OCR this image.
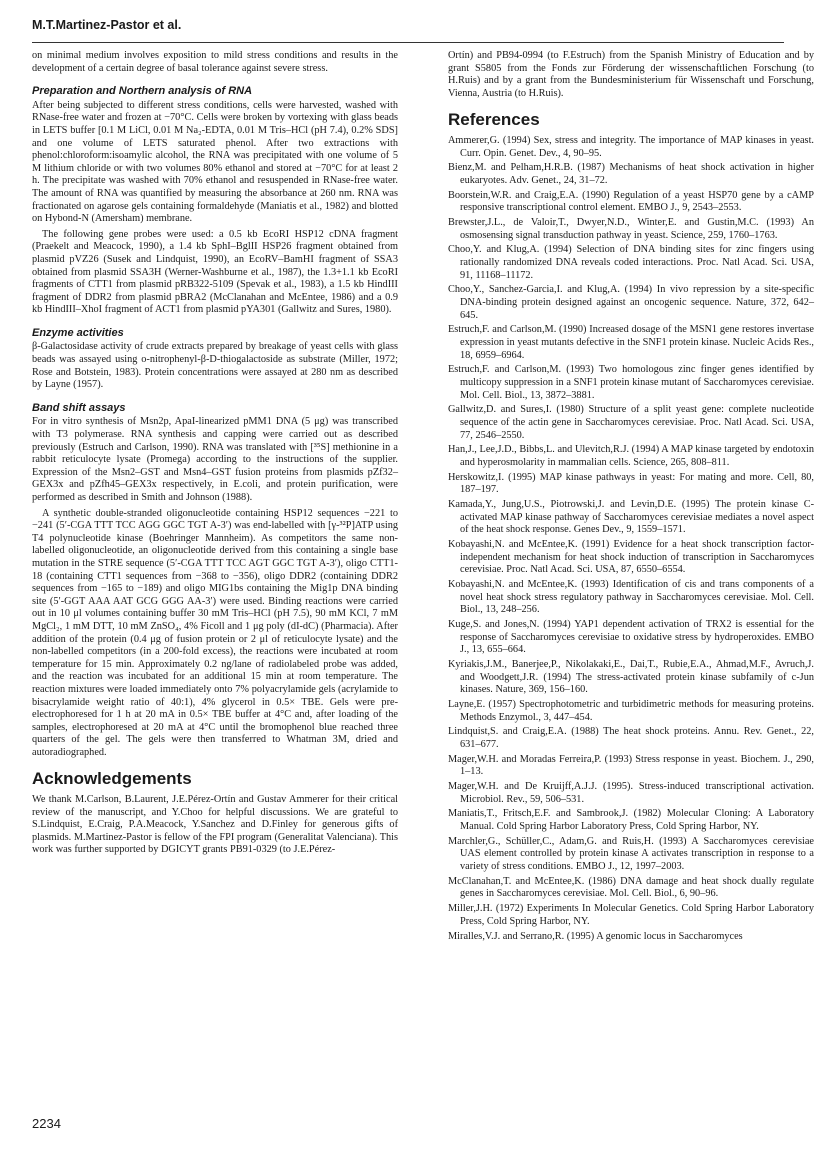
M.T.Martinez-Pastor et al.

on minimal medium involves exposition to mild stress conditions and results in the development of a certain degree of basal tolerance against severe stress.

Preparation and Northern analysis of RNA

After being subjected to different stress conditions, cells were harvested, washed with RNase-free water and frozen at −70°C. Cells were broken by vortexing with glass beads in LETS buffer [0.1 M LiCl, 0.01 M Na₂-EDTA, 0.01 M Tris–HCl (pH 7.4), 0.2% SDS] and one volume of LETS saturated phenol. After two extractions with phenol:chloroform:isoamylic alcohol, the RNA was precipitated with one volume of 5 M lithium chloride or with two volumes 80% ethanol and stored at −70°C for at least 2 h. The precipitate was washed with 70% ethanol and resuspended in RNase-free water. The amount of RNA was quantified by measuring the absorbance at 260 nm. RNA was fractionated on agarose gels containing formaldehyde (Maniatis et al., 1982) and blotted on Hybond-N (Amersham) membrane.

The following gene probes were used: a 0.5 kb EcoRI HSP12 cDNA fragment (Praekelt and Meacock, 1990), a 1.4 kb SphI–BglII HSP26 fragment obtained from plasmid pVZ26 (Susek and Lindquist, 1990), an EcoRV–BamHI fragment of SSA3 obtained from plasmid SSA3H (Werner-Washburne et al., 1987), the 1.3+1.1 kb EcoRI fragments of CTT1 from plasmid pRB322-5109 (Spevak et al., 1983), a 1.5 kb HindIII fragment of DDR2 from plasmid pBRA2 (McClanahan and McEntee, 1986) and a 0.9 kb HindIII–XhoI fragment of ACT1 from plasmid pYA301 (Gallwitz and Sures, 1980).

Enzyme activities

β-Galactosidase activity of crude extracts prepared by breakage of yeast cells with glass beads was assayed using o-nitrophenyl-β-D-thiogalactoside as substrate (Miller, 1972; Rose and Botstein, 1983). Protein concentrations were assayed at 280 nm as described by Layne (1957).

Band shift assays

For in vitro synthesis of Msn2p, ApaI-linearized pMM1 DNA (5 μg) was transcribed with T3 polymerase. RNA synthesis and capping were carried out as described previously (Estruch and Carlson, 1990). RNA was translated with [³⁵S] methionine in a rabbit reticulocyte lysate (Promega) according to the instructions of the supplier. Expression of the Msn2–GST and Msn4–GST fusion proteins from plasmids pZf32–GEX3x and pZfh45–GEX3x respectively, in E.coli, and protein purification, were performed as described in Smith and Johnson (1988).

A synthetic double-stranded oligonucleotide containing HSP12 sequences −221 to −241 (5′-CGA TTT TCC AGG GGC TGT A-3′) was end-labelled with [γ-³²P]ATP using T4 polynucleotide kinase (Boehringer Mannheim). As competitors the same non-labelled oligonucleotide, an oligonucleotide derived from this containing a single base mutation in the STRE sequence (5′-CGA TTT TCC AGT GGC TGT A-3′), oligo CTT1-18 (containing CTT1 sequences from −368 to −356), oligo DDR2 (containing DDR2 sequences from −165 to −189) and oligo MIG1bs containing the Mig1p DNA binding site (5′-GGT AAA AAT GCG GGG AA-3′) were used. Binding reactions were carried out in 10 μl volumes containing buffer 30 mM Tris–HCl (pH 7.5), 90 mM KCl, 7 mM MgCl₂, 1 mM DTT, 10 mM ZnSO₄, 4% Ficoll and 1 μg poly (dI-dC) (Pharmacia). After addition of the protein (0.4 μg of fusion protein or 2 μl of reticulocyte lysate) and the non-labelled competitors (in a 200-fold excess), the reactions were incubated at room temperature for 15 min. Approximately 0.2 ng/lane of radiolabeled probe was added, and the reaction was incubated for an additional 15 min at room temperature. The reaction mixtures were loaded immediately onto 7% polyacrylamide gels (acrylamide to bisacrylamide weight ratio of 40:1), 4% glycerol in 0.5× TBE. Gels were pre-electrophoresed for 1 h at 20 mA in 0.5× TBE buffer at 4°C and, after loading of the samples, electrophoresed at 20 mA at 4°C until the bromophenol blue reached three quarters of the gel. The gels were then transferred to Whatman 3M, dried and autoradiographed.

Acknowledgements

We thank M.Carlson, B.Laurent, J.E.Pérez-Ortín and Gustav Ammerer for their critical review of the manuscript, and Y.Choo for helpful discussions. We are grateful to S.Lindquist, E.Craig, P.A.Meacock, Y.Sanchez and D.Finley for generous gifts of plasmids. M.Martinez-Pastor is fellow of the FPI program (Generalitat Valenciana). This work was further supported by DGICYT grants PB91-0329 (to J.E.Pérez-

Ortín) and PB94-0994 (to F.Estruch) from the Spanish Ministry of Education and by grant S5805 from the Fonds zur Förderung der wissenschaftlichen Forschung (to H.Ruis) and by a grant from the Bundesministerium für Wissenschaft und Forschung, Vienna, Austria (to H.Ruis).

References
Ammerer,G. (1994) Sex, stress and integrity. The importance of MAP kinases in yeast. Curr. Opin. Genet. Dev., 4, 90–95.
Bienz,M. and Pelham,H.R.B. (1987) Mechanisms of heat shock activation in higher eukaryotes. Adv. Genet., 24, 31–72.
Boorstein,W.R. and Craig,E.A. (1990) Regulation of a yeast HSP70 gene by a cAMP responsive transcriptional control element. EMBO J., 9, 2543–2553.
Brewster,J.L., de Valoir,T., Dwyer,N.D., Winter,E. and Gustin,M.C. (1993) An osmosensing signal transduction pathway in yeast. Science, 259, 1760–1763.
Choo,Y. and Klug,A. (1994) Selection of DNA binding sites for zinc fingers using rationally randomized DNA reveals coded interactions. Proc. Natl Acad. Sci. USA, 91, 11168–11172.
Choo,Y., Sanchez-Garcia,I. and Klug,A. (1994) In vivo repression by a site-specific DNA-binding protein designed against an oncogenic sequence. Nature, 372, 642–645.
Estruch,F. and Carlson,M. (1990) Increased dosage of the MSN1 gene restores invertase expression in yeast mutants defective in the SNF1 protein kinase. Nucleic Acids Res., 18, 6959–6964.
Estruch,F. and Carlson,M. (1993) Two homologous zinc finger genes identified by multicopy suppression in a SNF1 protein kinase mutant of Saccharomyces cerevisiae. Mol. Cell. Biol., 13, 3872–3881.
Gallwitz,D. and Sures,I. (1980) Structure of a split yeast gene: complete nucleotide sequence of the actin gene in Saccharomyces cerevisiae. Proc. Natl Acad. Sci. USA, 77, 2546–2550.
Han,J., Lee,J.D., Bibbs,L. and Ulevitch,R.J. (1994) A MAP kinase targeted by endotoxin and hyperosmolarity in mammalian cells. Science, 265, 808–811.
Herskowitz,I. (1995) MAP kinase pathways in yeast: For mating and more. Cell, 80, 187–197.
Kamada,Y., Jung,U.S., Piotrowski,J. and Levin,D.E. (1995) The protein kinase C-activated MAP kinase pathway of Saccharomyces cerevisiae mediates a novel aspect of the heat shock response. Genes Dev., 9, 1559–1571.
Kobayashi,N. and McEntee,K. (1991) Evidence for a heat shock transcription factor-independent mechanism for heat shock induction of transcription in Saccharomyces cerevisiae. Proc. Natl Acad. Sci. USA, 87, 6550–6554.
Kobayashi,N. and McEntee,K. (1993) Identification of cis and trans components of a novel heat shock stress regulatory pathway in Saccharomyces cerevisiae. Mol. Cell. Biol., 13, 248–256.
Kuge,S. and Jones,N. (1994) YAP1 dependent activation of TRX2 is essential for the response of Saccharomyces cerevisiae to oxidative stress by hydroperoxides. EMBO J., 13, 655–664.
Kyriakis,J.M., Banerjee,P., Nikolakaki,E., Dai,T., Rubie,E.A., Ahmad,M.F., Avruch,J. and Woodgett,J.R. (1994) The stress-activated protein kinase subfamily of c-Jun kinases. Nature, 369, 156–160.
Layne,E. (1957) Spectrophotometric and turbidimetric methods for measuring proteins. Methods Enzymol., 3, 447–454.
Lindquist,S. and Craig,E.A. (1988) The heat shock proteins. Annu. Rev. Genet., 22, 631–677.
Mager,W.H. and Moradas Ferreira,P. (1993) Stress response in yeast. Biochem. J., 290, 1–13.
Mager,W.H. and De Kruijff,A.J.J. (1995). Stress-induced transcriptional activation. Microbiol. Rev., 59, 506–531.
Maniatis,T., Fritsch,E.F. and Sambrook,J. (1982) Molecular Cloning: A Laboratory Manual. Cold Spring Harbor Laboratory Press, Cold Spring Harbor, NY.
Marchler,G., Schüller,C., Adam,G. and Ruis,H. (1993) A Saccharomyces cerevisiae UAS element controlled by protein kinase A activates transcription in response to a variety of stress conditions. EMBO J., 12, 1997–2003.
McClanahan,T. and McEntee,K. (1986) DNA damage and heat shock dually regulate genes in Saccharomyces cerevisiae. Mol. Cell. Biol., 6, 90–96.
Miller,J.H. (1972) Experiments In Molecular Genetics. Cold Spring Harbor Laboratory Press, Cold Spring Harbor, NY.
Miralles,V.J. and Serrano,R. (1995) A genomic locus in Saccharomyces
2234
